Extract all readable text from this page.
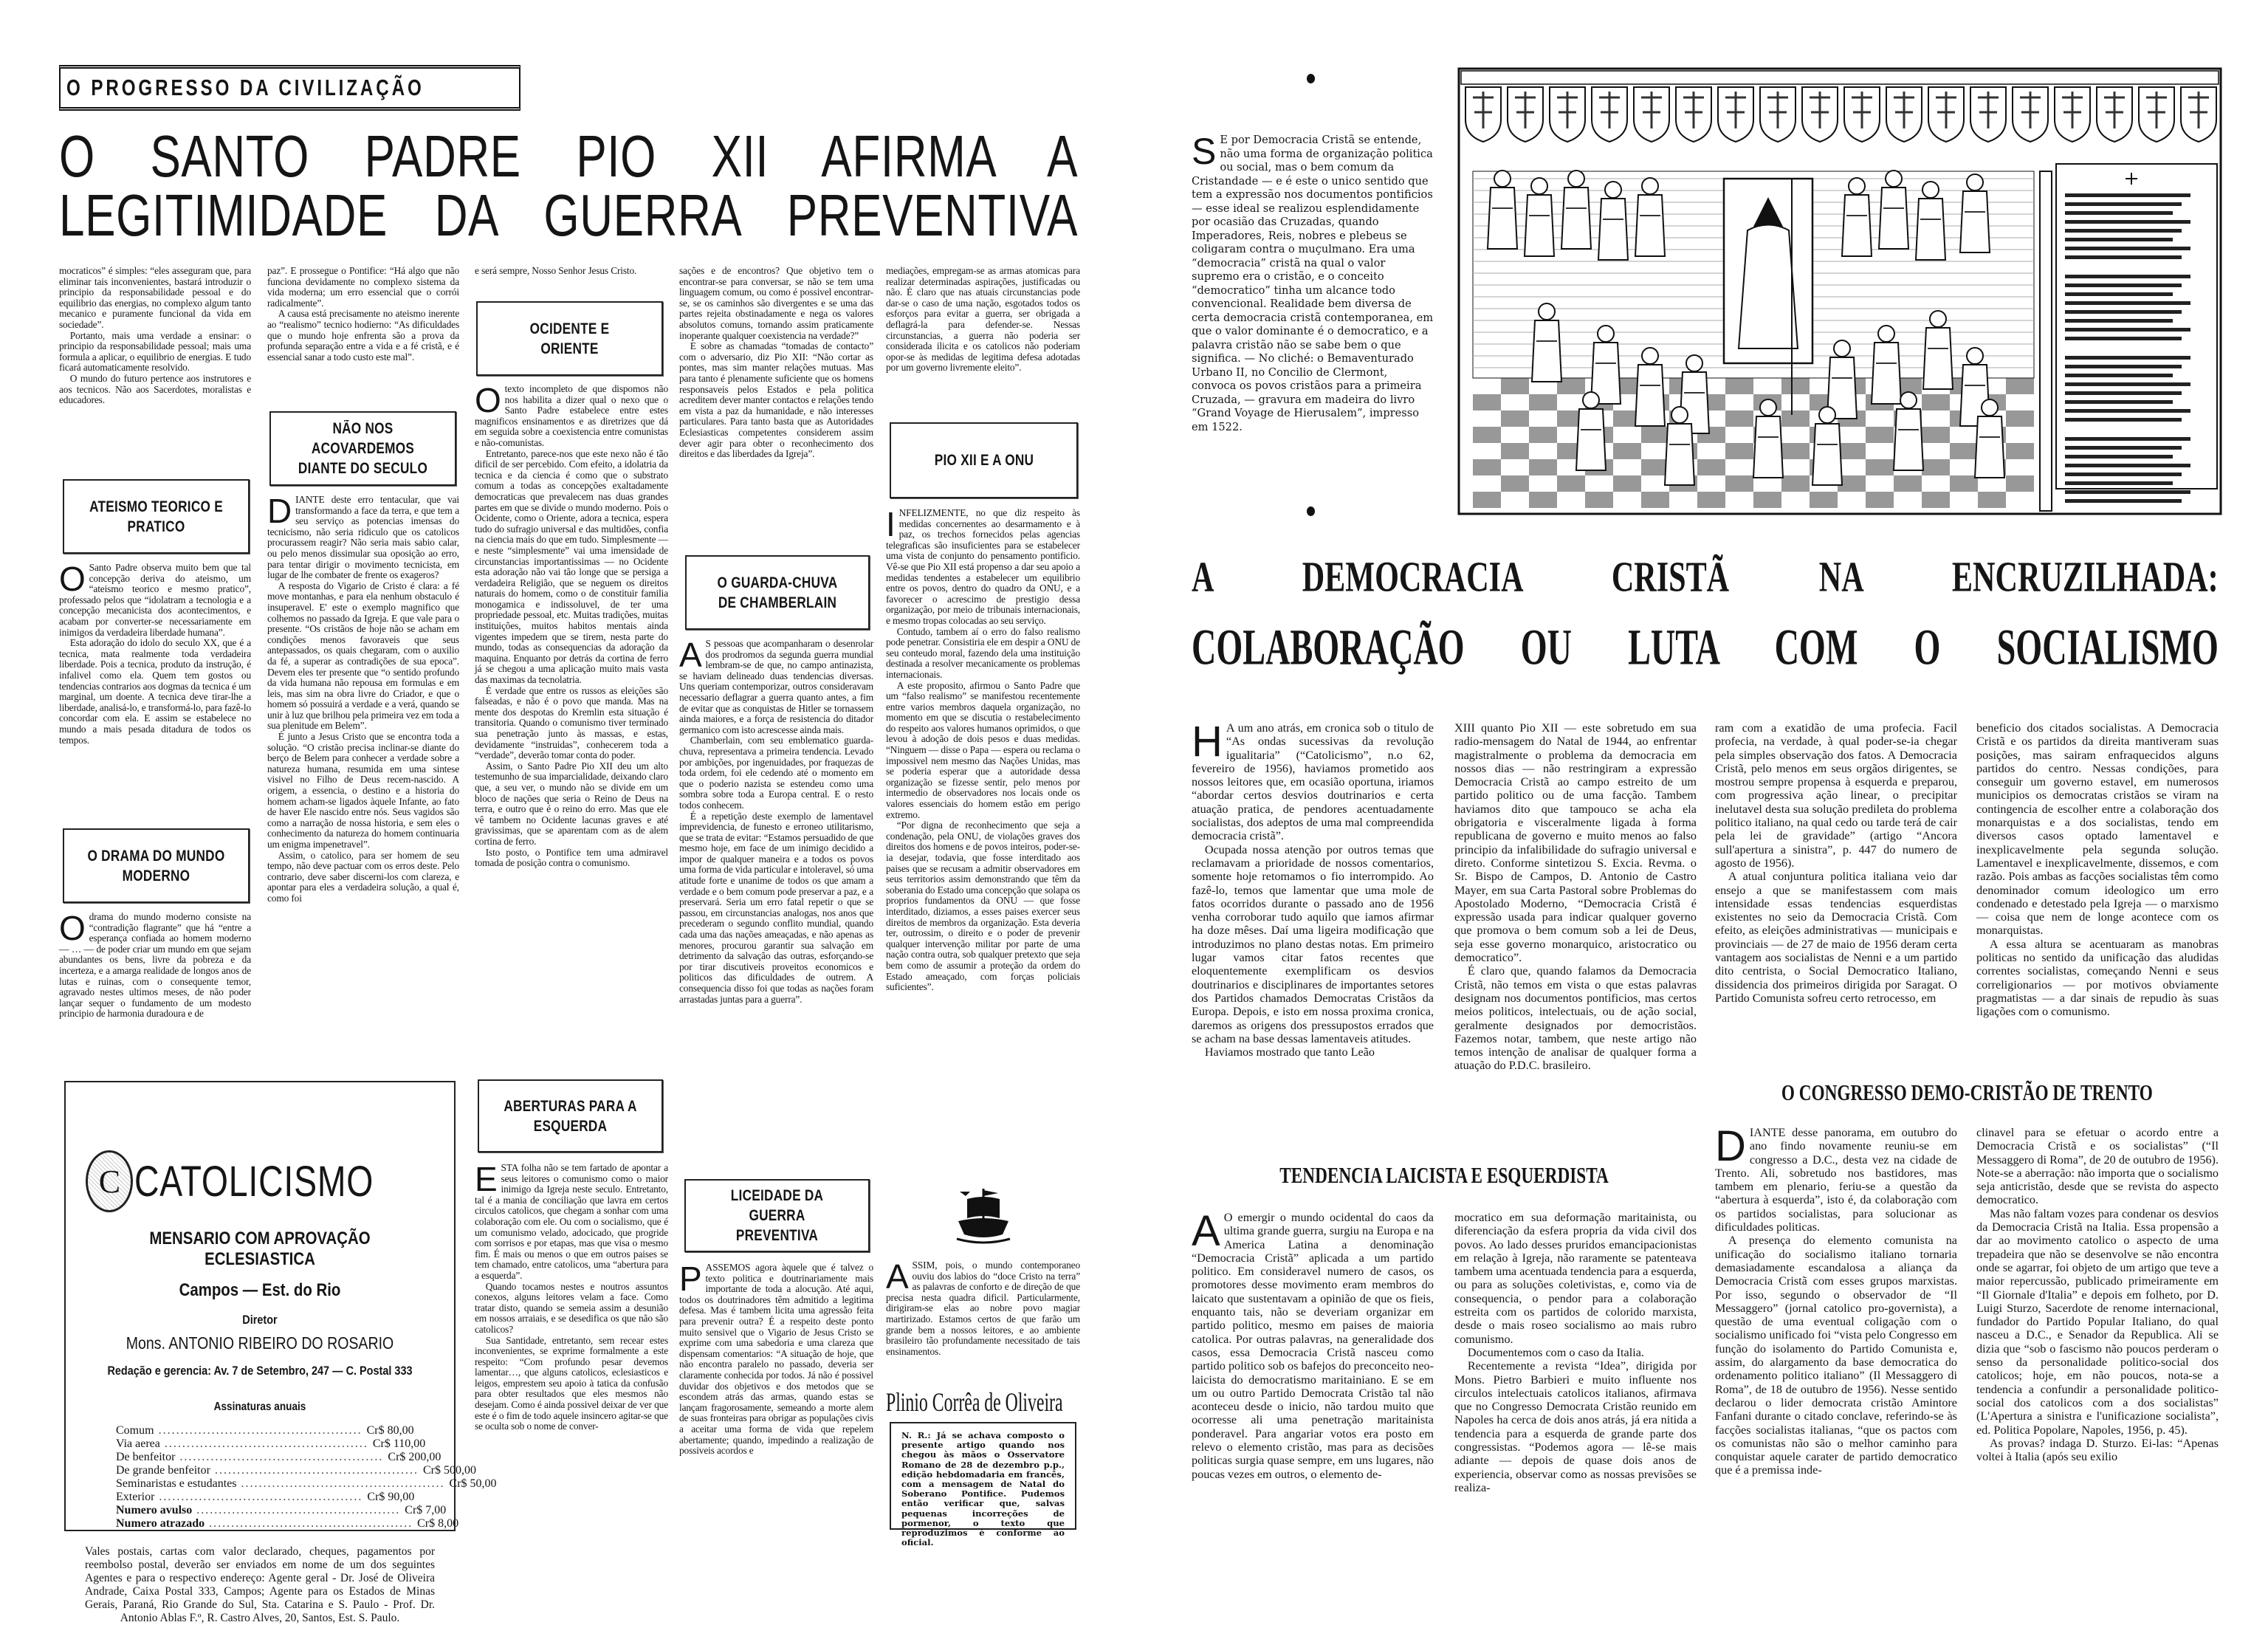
O PROGRESSO DA CIVILIZAÇÃO
O SANTO PADRE PIO XII AFIRMA A
LEGITIMIDADE DA GUERRA PREVENTIVA

mocraticos” é simples: “eles asseguram que, para eliminar tais inconvenientes, bastará introduzir o principio da responsabilidade pessoal e do equilibrio das energias, no complexo algum tanto mecanico e puramente funcional da vida em sociedade”.

Portanto, mais uma verdade a ensinar: o principio da responsabilidade pessoal; mais uma formula a aplicar, o equilibrio de energias. E tudo ficará automaticamente resolvido.

O mundo do futuro pertence aos instrutores e aos tecnicos. Não aos Sacerdotes, moralistas e educadores.

ATEISMO TEORICO E PRATICO

OSanto Padre observa muito bem que tal concepção deriva do ateismo, um “ateismo teorico e mesmo pratico”, professado pelos que “idolatram a tecnologia e a concepção mecanicista dos acontecimentos, e acabam por converter-se necessariamente em inimigos da verdadeira liberdade humana”.

Esta adoração do idolo do seculo XX, que é a tecnica, mata realmente toda verdadeira liberdade. Pois a tecnica, produto da instrução, é infalivel como ela. Quem tem gostos ou tendencias contrarios aos dogmas da tecnica é um marginal, um doente. A tecnica deve tirar-lhe a liberdade, analisá-lo, e transformá-lo, para fazê-lo concordar com ela. E assim se estabelece no mundo a mais pesada ditadura de todos os tempos.

O DRAMA DO MUNDO MODERNO

Odrama do mundo moderno consiste na “contradição flagrante” que há “entre a esperança confiada ao homem moderno — … — de poder criar um mundo em que sejam abundantes os bens, livre da pobreza e da incerteza, e a amarga realidade de longos anos de lutas e ruinas, com o consequente temor, agravado nestes ultimos meses, de não poder lançar sequer o fundamento de um modesto principio de harmonia duradoura e de

paz”. E prossegue o Pontifice: “Há algo que não funciona devidamente no complexo sistema da vida moderna; um erro essencial que o corrói radicalmente”.

A causa está precisamente no ateismo inerente ao “realismo” tecnico hodierno: “As dificuldades que o mundo hoje enfrenta são a prova da profunda separação entre a vida e a fé cristã, e é essencial sanar a todo custo este mal”.

NÃO NOS ACOVARDEMOS DIANTE DO SECULO

DIANTE deste erro tentacular, que vai transformando a face da terra, e que tem a seu serviço as potencias imensas do tecnicismo, não seria ridiculo que os catolicos procurassem reagir? Não seria mais sabio calar, ou pelo menos dissimular sua oposição ao erro, para tentar dirigir o movimento tecnicista, em lugar de lhe combater de frente os exageros?

A resposta do Vigario de Cristo é clara: a fé move montanhas, e para ela nenhum obstaculo é insuperavel. E' este o exemplo magnifico que colhemos no passado da Igreja. E que vale para o presente. “Os cristãos de hoje não se acham em condições menos favoraveis que seus antepassados, os quais chegaram, com o auxilio da fé, a superar as contradições de sua epoca”. Devem eles ter presente que “o sentido profundo da vida humana não repousa em formulas e em leis, mas sim na obra livre do Criador, e que o homem só possuirá a verdade e a verá, quando se unir à luz que brilhou pela primeira vez em toda a sua plenitude em Belem”.

É junto a Jesus Cristo que se encontra toda a solução. “O cristão precisa inclinar-se diante do berço de Belem para conhecer a verdade sobre a natureza humana, resumida em uma sintese visivel no Filho de Deus recem-nascido. A origem, a essencia, o destino e a historia do homem acham-se ligados àquele Infante, ao fato de haver Ele nascido entre nós. Seus vagidos são como a narração de nossa historia, e sem eles o conhecimento da natureza do homem continuaria um enigma impenetravel”.

Assim, o catolico, para ser homem de seu tempo, não deve pactuar com os erros deste. Pelo contrario, deve saber discerni-los com clareza, e apontar para eles a verdadeira solução, a qual é, como foi

e será sempre, Nosso Senhor Jesus Cristo.

OCIDENTE E ORIENTE

Otexto incompleto de que dispomos não nos habilita a dizer qual o nexo que o Santo Padre estabelece entre estes magnificos ensinamentos e as diretrizes que dá em seguida sobre a coexistencia entre comunistas e não-comunistas.

Entretanto, parece-nos que este nexo não é tão dificil de ser percebido. Com efeito, a idolatria da tecnica e da ciencia é como que o substrato comum a todas as concepções exaltadamente democraticas que prevalecem nas duas grandes partes em que se divide o mundo moderno. Pois o Ocidente, como o Oriente, adora a tecnica, espera tudo do sufragio universal e das multidões, confia na ciencia mais do que em tudo. Simplesmente — e neste “simplesmente” vai uma imensidade de circunstancias importantissimas — no Ocidente esta adoração não vai tão longe que se persiga a verdadeira Religião, que se neguem os direitos naturais do homem, como o de constituir familia monogamica e indissoluvel, de ter uma propriedade pessoal, etc. Muitas tradições, muitas instituições, muitos habitos mentais ainda vigentes impedem que se tirem, nesta parte do mundo, todas as consequencias da adoração da maquina. Enquanto por detrás da cortina de ferro já se chegou a uma aplicação muito mais vasta das maximas da tecnolatria.

É verdade que entre os russos as eleições são falseadas, e não é o povo que manda. Mas na mente dos despotas do Kremlin esta situação é transitoria. Quando o comunismo tiver terminado sua penetração junto às massas, e estas, devidamente “instruidas”, conhecerem toda a “verdade”, deverão tomar conta do poder.

Assim, o Santo Padre Pio XII deu um alto testemunho de sua imparcialidade, deixando claro que, a seu ver, o mundo não se divide em um bloco de nações que seria o Reino de Deus na terra, e outro que é o reino do erro. Mas que ele vê tambem no Ocidente lacunas graves e até gravissimas, que se aparentam com as de alem cortina de ferro.

Isto posto, o Pontifice tem uma admiravel tomada de posição contra o comunismo.

ABERTURAS PARA A ESQUERDA

ESTA folha não se tem fartado de apontar a seus leitores o comunismo como o maior inimigo da Igreja neste seculo. Entretanto, tal é a mania de conciliação que lavra em certos circulos catolicos, que chegam a sonhar com uma colaboração com ele. Ou com o socialismo, que é um comunismo velado, adocicado, que progride com sorrisos e por etapas, mas que visa o mesmo fim. É mais ou menos o que em outros paises se tem chamado, entre catolicos, uma “abertura para a esquerda”.

Quando tocamos nestes e noutros assuntos conexos, alguns leitores velam a face. Como tratar disto, quando se semeia assim a desunião em nossos arraiais, e se desedifica os que não são catolicos?

Sua Santidade, entretanto, sem recear estes inconvenientes, se exprime formalmente a este respeito: “Com profundo pesar devemos lamentar…, que alguns catolicos, eclesiasticos e leigos, emprestem seu apoio à tatica da confusão para obter resultados que eles mesmos não desejam. Como é ainda possivel deixar de ver que este é o fim de todo aquele insincero agitar-se que se oculta sob o nome de conver-

sações e de encontros? Que objetivo tem o encontrar-se para conversar, se não se tem uma linguagem comum, ou como é possivel encontrar-se, se os caminhos são divergentes e se uma das partes rejeita obstinadamente e nega os valores absolutos comuns, tornando assim praticamente inoperante qualquer coexistencia na verdade?”

E sobre as chamadas “tomadas de contacto” com o adversario, diz Pio XII: “Não cortar as pontes, mas sim manter relações mutuas. Mas para tanto é plenamente suficiente que os homens responsaveis pelos Estados e pela politica acreditem dever manter contactos e relações tendo em vista a paz da humanidade, e não interesses particulares. Para tanto basta que as Autoridades Eclesiasticas competentes considerem assim dever agir para obter o reconhecimento dos direitos e das liberdades da Igreja”.

O GUARDA-CHUVA DE CHAMBERLAIN

AS pessoas que acompanharam o desenrolar dos prodromos da segunda guerra mundial lembram-se de que, no campo antinazista, se haviam delineado duas tendencias diversas. Uns queriam contemporizar, outros consideravam necessario deflagrar a guerra quanto antes, a fim de evitar que as conquistas de Hitler se tornassem ainda maiores, e a força de resistencia do ditador germanico com isto acrescesse ainda mais.

Chamberlain, com seu emblematico guarda-chuva, representava a primeira tendencia. Levado por ambições, por ingenuidades, por fraquezas de toda ordem, foi ele cedendo até o momento em que o poderio nazista se estendeu como uma sombra sobre toda a Europa central. E o resto todos conhecem.

É a repetição deste exemplo de lamentavel imprevidencia, de funesto e erroneo utilitarismo, que se trata de evitar: “Estamos persuadido de que mesmo hoje, em face de um inimigo decidido a impor de qualquer maneira e a todos os povos uma forma de vida particular e intoleravel, só uma atitude forte e unanime de todos os que amam a verdade e o bem comum pode preservar a paz, e a preservará. Seria um erro fatal repetir o que se passou, em circunstancias analogas, nos anos que precederam o segundo conflito mundial, quando cada uma das nações ameaçadas, e não apenas as menores, procurou garantir sua salvação em detrimento da salvação das outras, esforçando-se por tirar discutiveis proveitos economicos e politicos das dificuldades de outrem. A consequencia disso foi que todas as nações foram arrastadas juntas para a guerra”.

LICEIDADE DA GUERRA PREVENTIVA

PASSEMOS agora àquele que é talvez o texto politica e doutrinariamente mais importante de toda a alocução. Até aqui, todos os doutrinadores têm admitido a legitima defesa. Mas é tambem licita uma agressão feita para prevenir outra? É a respeito deste ponto muito sensivel que o Vigario de Jesus Cristo se exprime com uma sabedoria e uma clareza que dispensam comentarios: “A situação de hoje, que não encontra paralelo no passado, deveria ser claramente conhecida por todos. Já não é possivel duvidar dos objetivos e dos metodos que se escondem atrás das armas, quando estas se lançam fragorosamente, semeando a morte alem de suas fronteiras para obrigar as populações civis a aceitar uma forma de vida que repelem abertamente; quando, impedindo a realização de possiveis acordos e

mediações, empregam-se as armas atomicas para realizar determinadas aspirações, justificadas ou não. É claro que nas atuais circunstancias pode dar-se o caso de uma nação, esgotados todos os esforços para evitar a guerra, ser obrigada a deflagrá-la para defender-se. Nessas circunstancias, a guerra não poderia ser considerada ilicita e os catolicos não poderiam opor-se às medidas de legitima defesa adotadas por um governo livremente eleito”.

PIO XII E A ONU

INFELIZMENTE, no que diz respeito às medidas concernentes ao desarmamento e à paz, os trechos fornecidos pelas agencias telegraficas são insuficientes para se estabelecer uma vista de conjunto do pensamento pontificio. Vê-se que Pio XII está propenso a dar seu apoio a medidas tendentes a estabelecer um equilibrio entre os povos, dentro do quadro da ONU, e a favorecer o acrescimo de prestigio dessa organização, por meio de tribunais internacionais, e mesmo tropas colocadas ao seu serviço.

Contudo, tambem aí o erro do falso realismo pode penetrar. Consistiria ele em despir a ONU de seu conteudo moral, fazendo dela uma instituição destinada a resolver mecanicamente os problemas internacionais.

A este proposito, afirmou o Santo Padre que um “falso realismo” se manifestou recentemente entre varios membros daquela organização, no momento em que se discutia o restabelecimento do respeito aos valores humanos oprimidos, o que levou à adoção de dois pesos e duas medidas. “Ninguem — disse o Papa — espera ou reclama o impossivel nem mesmo das Nações Unidas, mas se poderia esperar que a autoridade dessa organização se fizesse sentir, pelo menos por intermedio de observadores nos locais onde os valores essenciais do homem estão em perigo extremo.

“Por digna de reconhecimento que seja a condenação, pela ONU, de violações graves dos direitos dos homens e de povos inteiros, poder-se-ia desejar, todavia, que fosse interditado aos paises que se recusam a admitir observadores em seus territorios assim demonstrando que têm da soberania do Estado uma concepção que solapa os proprios fundamentos da ONU — que fosse interditado, diziamos, a esses paises exercer seus direitos de membros da organização. Esta deveria ter, outrossim, o direito e o poder de prevenir qualquer intervenção militar por parte de uma nação contra outra, sob qualquer pretexto que seja bem como de assumir a proteção da ordem do Estado ameaçado, com forças policiais suficientes”.

ASSIM, pois, o mundo contemporaneo ouviu dos labios do “doce Cristo na terra” as palavras de conforto e de direção de que precisa nesta quadra dificil. Particularmente, dirigiram-se elas ao nobre povo magiar martirizado. Estamos certos de que farão um grande bem a nossos leitores, e ao ambiente brasileiro tão profundamente necessitado de tais ensinamentos.

Plinio Corrêa de Oliveira
N. R.: Já se achava composto o presente artigo quando nos chegou às mãos o Osservatore Romano de 28 de dezembro p.p., edição hebdomadaria em francês, com a mensagem de Natal do Soberano Pontifice. Pudemos então verificar que, salvas pequenas incorreções de pormenor, o texto que reproduzimos é conforme ao oficial.
C CATOLICISMO
MENSARIO COM APROVAÇÃO ECLESIASTICA
Campos — Est. do Rio
Diretor
Mons. ANTONIO RIBEIRO DO ROSARIO
Redação e gerencia: Av. 7 de Setembro, 247 — C. Postal 333
Assinaturas anuais
Comum .............................................. Cr$ 80,00
Via aerea .............................................. Cr$ 110,00
De benfeitor .............................................. Cr$ 200,00
De grande benfeitor .............................................. Cr$ 500,00
Seminaristas e estudantes .............................................. Cr$ 50,00
Exterior .............................................. Cr$ 90,00
Numero avulso .............................................. Cr$ 7,00
Numero atrazado .............................................. Cr$ 8,00
Vales postais, cartas com valor declarado, cheques, pagamentos por reembolso postal, deverão ser enviados em nome de um dos seguintes Agentes e para o respectivo endereço: Agente geral - Dr. José de Oliveira Andrade, Caixa Postal 333, Campos; Agente para os Estados de Minas Gerais, Paraná, Rio Grande do Sul, Sta. Catarina e S. Paulo - Prof. Dr. Antonio Ablas F.º, R. Castro Alves, 20, Santos, Est. S. Paulo.

SE por Democracia Cristã se entende, não uma forma de organização politica ou social, mas o bem comum da Cristandade — e é este o unico sentido que tem a expressão nos documentos pontificios — esse ideal se realizou esplendidamente por ocasião das Cruzadas, quando Imperadores, Reis, nobres e plebeus se coligaram contra o muçulmano. Era uma “democracia” cristã na qual o valor supremo era o cristão, e o conceito “democratico” tinha um alcance todo convencional. Realidade bem diversa de certa democracia cristã contemporanea, em que o valor dominante é o democratico, e a palavra cristão não se sabe bem o que significa. — No cliché: o Bemaventurado Urbano II, no Concilio de Clermont, convoca os povos cristãos para a primeira Cruzada, — gravura em madeira do livro “Grand Voyage de Hierusalem”, impresso em 1522.

A DEMOCRACIA CRISTÃ NA ENCRUZILHADA:
COLABORAÇÃO OU LUTA COM O SOCIALISMO

HA um ano atrás, em cronica sob o titulo de “As ondas sucessivas da revolução igualitaria” (“Catolicismo”, n.o 62, fevereiro de 1956), haviamos prometido aos nossos leitores que, em ocasião oportuna, iriamos “abordar certos desvios doutrinarios e certa atuação pratica, de pendores acentuadamente socialistas, dos adeptos de uma mal compreendida democracia cristã”.

Ocupada nossa atenção por outros temas que reclamavam a prioridade de nossos comentarios, somente hoje retomamos o fio interrompido. Ao fazê-lo, temos que lamentar que uma mole de fatos ocorridos durante o passado ano de 1956 venha corroborar tudo aquilo que iamos afirmar ha doze mêses. Daí uma ligeira modificação que introduzimos no plano destas notas. Em primeiro lugar vamos citar fatos recentes que eloquentemente exemplificam os desvios doutrinarios e disciplinares de importantes setores dos Partidos chamados Democratas Cristãos da Europa. Depois, e isto em nossa proxima cronica, daremos as origens dos pressupostos errados que se acham na base dessas lamentaveis atitudes.

Haviamos mostrado que tanto Leão

XIII quanto Pio XII — este sobretudo em sua radio-mensagem do Natal de 1944, ao enfrentar magistralmente o problema da democracia em nossos dias — não restringiram a expressão Democracia Cristã ao campo estreito de um partido politico ou de uma facção. Tambem haviamos dito que tampouco se acha ela obrigatoria e visceralmente ligada à forma republicana de governo e muito menos ao falso principio da infalibilidade do sufragio universal e direto. Conforme sintetizou S. Excia. Revma. o Sr. Bispo de Campos, D. Antonio de Castro Mayer, em sua Carta Pastoral sobre Problemas do Apostolado Moderno, “Democracia Cristã é expressão usada para indicar qualquer governo que promova o bem comum sob a lei de Deus, seja esse governo monarquico, aristocratico ou democratico”.

É claro que, quando falamos da Democracia Cristã, não temos em vista o que estas palavras designam nos documentos pontificios, mas certos meios politicos, intelectuais, ou de ação social, geralmente designados por democristãos. Fazemos notar, tambem, que neste artigo não temos intenção de analisar de qualquer forma a atuação do P.D.C. brasileiro.

ram com a exatidão de uma profecia. Facil profecia, na verdade, à qual poder-se-ia chegar pela simples observação dos fatos. A Democracia Cristã, pelo menos em seus orgãos dirigentes, se mostrou sempre propensa à esquerda e preparou, com progressiva ação linear, o precipitar inelutavel desta sua solução predileta do problema politico italiano, na qual cedo ou tarde terá de cair pela lei de gravidade” (artigo “Ancora sull'apertura a sinistra”, p. 447 do numero de agosto de 1956).

A atual conjuntura politica italiana veio dar ensejo a que se manifestassem com mais intensidade essas tendencias esquerdistas existentes no seio da Democracia Cristã. Com efeito, as eleições administrativas — municipais e provinciais — de 27 de maio de 1956 deram certa vantagem aos socialistas de Nenni e a um partido dito centrista, o Social Democratico Italiano, dissidencia dos primeiros dirigida por Saragat. O Partido Comunista sofreu certo retrocesso, em

beneficio dos citados socialistas. A Democracia Cristã e os partidos da direita mantiveram suas posições, mas sairam enfraquecidos alguns partidos do centro. Nessas condições, para conseguir um governo estavel, em numerosos municipios os democratas cristãos se viram na contingencia de escolher entre a colaboração dos monarquistas e a dos socialistas, tendo em diversos casos optado lamentavel e inexplicavelmente pela segunda solução. Lamentavel e inexplicavelmente, dissemos, e com razão. Pois ambas as facções socialistas têm como denominador comum ideologico um erro condenado e detestado pela Igreja — o marxismo — coisa que nem de longe acontece com os monarquistas.

A essa altura se acentuaram as manobras politicas no sentido da unificação das aludidas correntes socialistas, começando Nenni e seus correligionarios — por motivos obviamente pragmatistas — a dar sinais de repudio às suas ligações com o comunismo.

TENDENCIA LAICISTA E ESQUERDISTA
O CONGRESSO DEMO-CRISTÃO DE TRENTO

AO emergir o mundo ocidental do caos da ultima grande guerra, surgiu na Europa e na America Latina a denominação “Democracia Cristã” aplicada a um partido politico. Em consideravel numero de casos, os promotores desse movimento eram membros do laicato que sustentavam a opinião de que os fieis, enquanto tais, não se deveriam organizar em partido politico, mesmo em paises de maioria catolica. Por outras palavras, na generalidade dos casos, essa Democracia Cristã nasceu como partido politico sob os bafejos do preconceito neo-laicista do democratismo maritainiano. E se em um ou outro Partido Democrata Cristão tal não aconteceu desde o inicio, não tardou muito que ocorresse ali uma penetração maritainista ponderavel. Para angariar votos era posto em relevo o elemento cristão, mas para as decisões politicas surgia quase sempre, em uns lugares, não poucas vezes em outros, o elemento de-

mocratico em sua deformação maritainista, ou diferenciação da esfera propria da vida civil dos povos. Ao lado desses pruridos emancipacionistas em relação à Igreja, não raramente se patenteava tambem uma acentuada tendencia para a esquerda, ou para as soluções coletivistas, e, como via de consequencia, o pendor para a colaboração estreita com os partidos de colorido marxista, desde o mais roseo socialismo ao mais rubro comunismo.

Documentemos com o caso da Italia.

Recentemente a revista “Idea”, dirigida por Mons. Pietro Barbieri e muito influente nos circulos intelectuais catolicos italianos, afirmava que no Congresso Democrata Cristão reunido em Napoles ha cerca de dois anos atrás, já era nitida a tendencia para a esquerda de grande parte dos congressistas. “Podemos agora — lê-se mais adiante — depois de quase dois anos de experiencia, observar como as nossas previsões se realiza-

DIANTE desse panorama, em outubro do ano findo novamente reuniu-se em congresso a D.C., desta vez na cidade de Trento. Ali, sobretudo nos bastidores, mas tambem em plenario, feriu-se a questão da “abertura à esquerda”, isto é, da colaboração com os partidos socialistas, para solucionar as dificuldades politicas.

A presença do elemento comunista na unificação do socialismo italiano tornaria demasiadamente escandalosa a aliança da Democracia Cristã com esses grupos marxistas. Por isso, segundo o observador de “Il Messaggero” (jornal catolico pro-governista), a questão de uma eventual coligação com o socialismo unificado foi “vista pelo Congresso em função do isolamento do Partido Comunista e, assim, do alargamento da base democratica do ordenamento politico italiano” (Il Messaggero di Roma”, de 18 de outubro de 1956). Nesse sentido declarou o lider democrata cristão Amintore Fanfani durante o citado conclave, referindo-se às facções socialistas italianas, “que os pactos com os comunistas não são o melhor caminho para conquistar aquele carater de partido democratico que é a premissa inde-

clinavel para se efetuar o acordo entre a Democracia Cristã e os socialistas” (“Il Messaggero di Roma”, de 20 de outubro de 1956). Note-se a aberração: não importa que o socialismo seja anticristão, desde que se revista do aspecto democratico.

Mas não faltam vozes para condenar os desvios da Democracia Cristã na Italia. Essa propensão a dar ao movimento catolico o aspecto de uma trepadeira que não se desenvolve se não encontra onde se agarrar, foi objeto de um artigo que teve a maior repercussão, publicado primeiramente em “Il Giornale d'Italia” e depois em folheto, por D. Luigi Sturzo, Sacerdote de renome internacional, fundador do Partido Popular Italiano, do qual nasceu a D.C., e Senador da Republica. Ali se dizia que “sob o fascismo não poucos perderam o senso da personalidade politico-social dos catolicos; hoje, em não poucos, nota-se a tendencia a confundir a personalidade politico-social dos catolicos com a dos socialistas” (L'Apertura a sinistra e l'unificazione socialista”, ed. Politica Popolare, Napoles, 1956, p. 45).

As provas? indaga D. Sturzo. Ei-las: “Apenas voltei à Italia (após seu exilio
